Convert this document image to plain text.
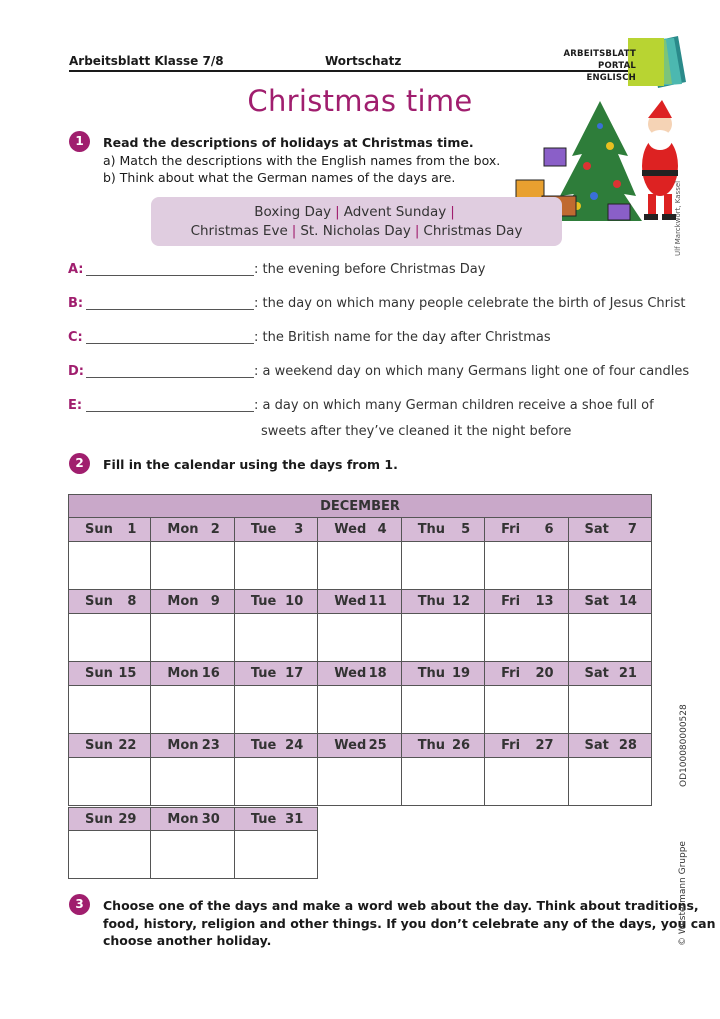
Arbeitsblatt Klasse 7/8	Wortschatz	ARBEITSBLATT
PORTAL
ENGLISCH
Christmas time
Ulf Marckwort, Kassel
1	Read the descriptions of holidays at Christmas time.
a) Match the descriptions with the English names from the box.
b) Think about what the German names of the days are.
Boxing Day | Advent Sunday |
Christmas Eve | St. Nicholas Day | Christmas Day
A:	: the evening before Christmas Day
B:	: the day on which many people celebrate the birth of Jesus Christ
C:	: the British name for the day after Christmas
D:	: a weekend day on which many Germans light one of four candles
E:	: a day on which many German children receive a shoe full of
sweets after they’ve cleaned it the night before
2	Fill in the calendar using the days from 1.
DECEMBER
Sun 1 Mon 2 Tue 3 Wed 4 Thu 5 Fri 6 Sat 7
Sun 8 Mon 9 Tue 10 Wed 11 Thu 12 Fri 13 Sat 14
Sun 15 Mon 16 Tue 17 Wed 18 Thu 19 Fri 20 Sat 21
Sun 22 Mon 23 Tue 24 Wed 25 Thu 26 Fri 27 Sat 28
Sun 29 Mon 30 Tue 31
OD100080000528
3	Choose one of the days and make a word web about the day. Think about traditions,
food, history, religion and other things. If you don’t celebrate any of the days, you can
choose another holiday.	© Westermann Gruppe
